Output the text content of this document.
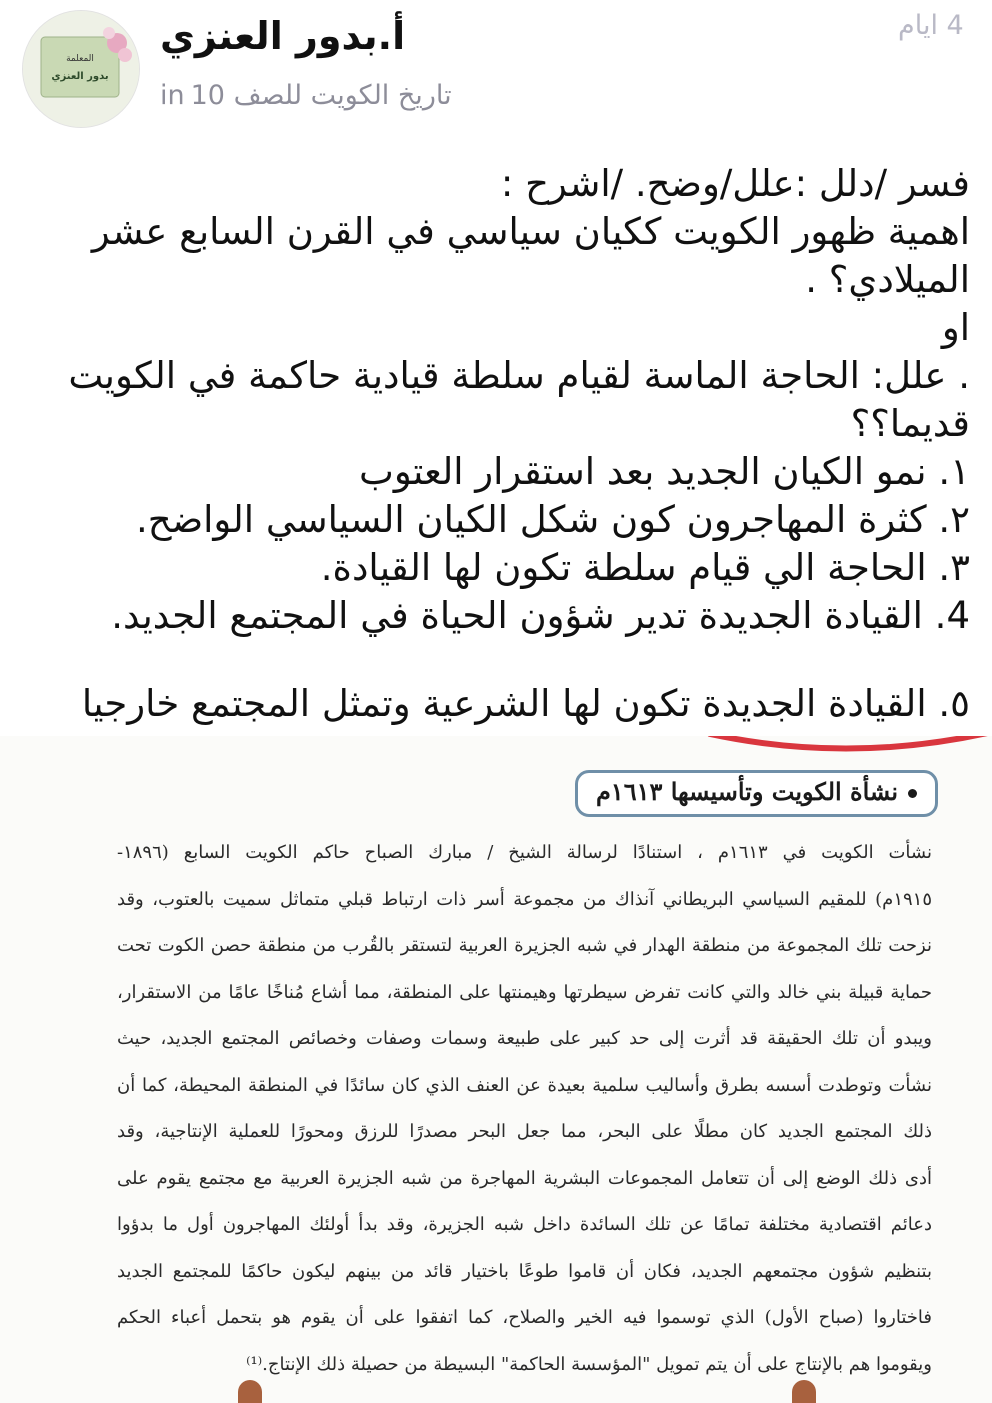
المعلمة
بدور العنزي
أ.بدور العنزي
in تاريخ الكويت للصف 10
4 ايام

فسر /دلل :علل/وضح. /اشرح :

اهمية ظهور الكويت ككيان سياسي في القرن السابع عشر

الميلادي؟ .

او

. علل: الحاجة الماسة لقيام سلطة قيادية حاكمة في الكويت

قديما؟؟

١. نمو الكيان الجديد بعد استقرار العتوب

٢. كثرة المهاجرون كون شكل الكيان السياسي الواضح.

٣. الحاجة الي قيام سلطة تكون لها القيادة.

4. القيادة الجديدة تدير شؤون الحياة في المجتمع الجديد.

٥. القيادة الجديدة تكون لها الشرعية وتمثل المجتمع خارجيا

نشأة الكويت وتأسيسها ١٦١٣م
نشأت الكويت في ١٦١٣م ، استنادًا لرسالة الشيخ / مبارك الصباح حاكم الكويت السابع (١٨٩٦-
١٩١٥م) للمقيم السياسي البريطاني آنذاك من مجموعة أسر ذات ارتباط قبلي متماثل سميت بالعتوب، وقد
نزحت تلك المجموعة من منطقة الهدار في شبه الجزيرة العربية لتستقر بالقُرب من منطقة حصن الكوت تحت
حماية قبيلة بني خالد والتي كانت تفرض سيطرتها وهيمنتها على المنطقة، مما أشاع مُناخًا عامًا من الاستقرار،
ويبدو أن تلك الحقيقة قد أثرت إلى حد كبير على طبيعة وسمات وصفات وخصائص المجتمع الجديد، حيث
نشأت وتوطدت أسسه بطرق وأساليب سلمية بعيدة عن العنف الذي كان سائدًا في المنطقة المحيطة، كما أن
ذلك المجتمع الجديد كان مطلًا على البحر، مما جعل البحر مصدرًا للرزق ومحورًا للعملية الإنتاجية، وقد
أدى ذلك الوضع إلى أن تتعامل المجموعات البشرية المهاجرة من شبه الجزيرة العربية مع مجتمع يقوم على
دعائم اقتصادية مختلفة تمامًا عن تلك السائدة داخل شبه الجزيرة، وقد بدأ أولئك المهاجرون أول ما بدؤوا
بتنظيم شؤون مجتمعهم الجديد، فكان أن قاموا طوعًا باختيار قائد من بينهم ليكون حاكمًا للمجتمع الجديد
فاختاروا (صباح الأول) الذي توسموا فيه الخير والصلاح، كما اتفقوا على أن يقوم هو بتحمل أعباء الحكم
ويقوموا هم بالإنتاج على أن يتم تمويل "المؤسسة الحاكمة" البسيطة من حصيلة ذلك الإنتاج.⁽¹⁾
